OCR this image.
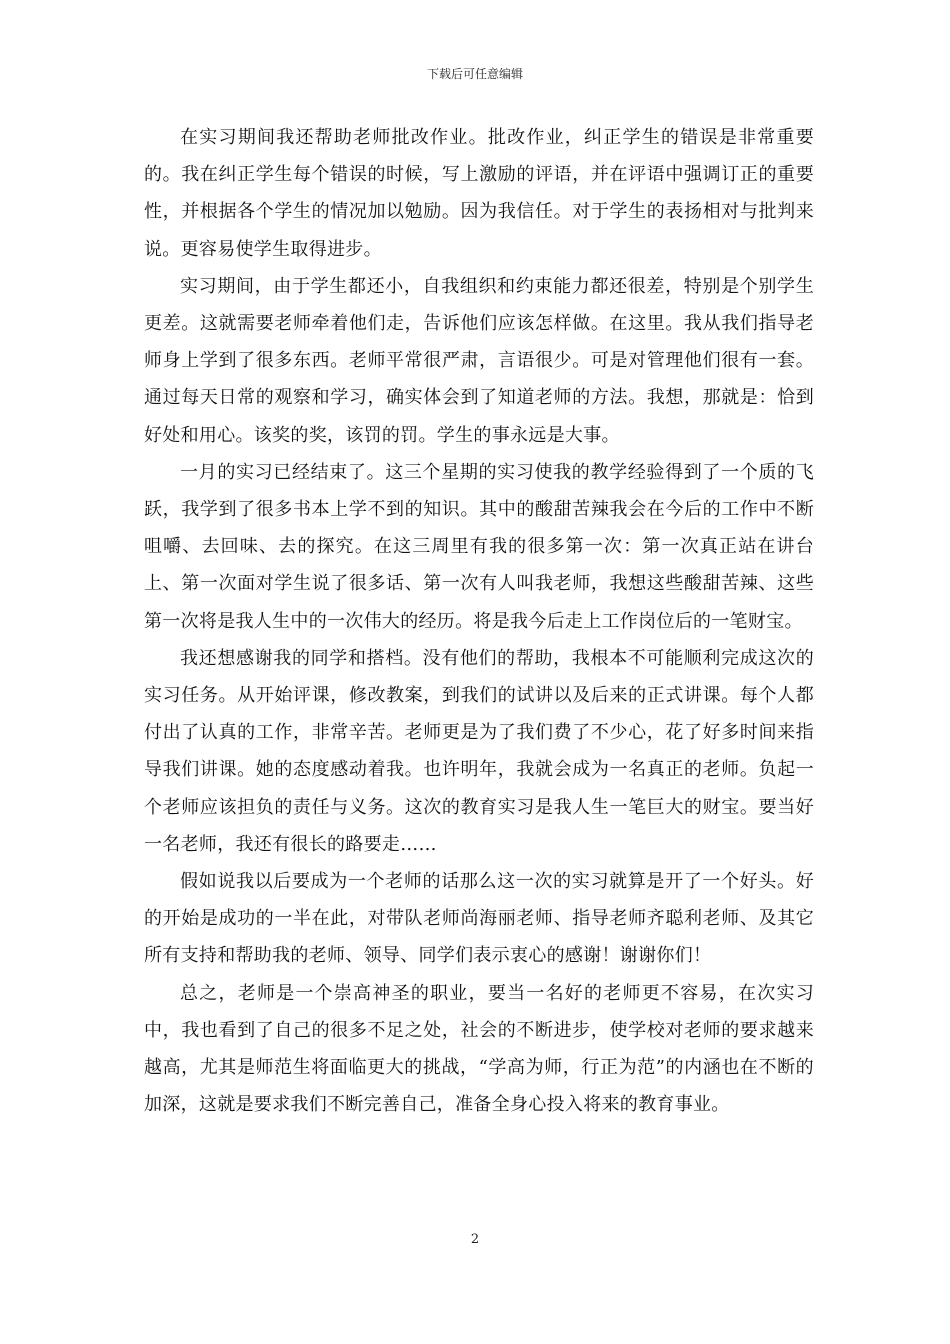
下载后可任意编辑

在实习期间我还帮助老师批改作业。批改作业，纠正学生的错误是非常重要的。我在纠正学生每个错误的时候，写上激励的评语，并在评语中强调订正的重要性，并根据各个学生的情况加以勉励。因为我信任。对于学生的表扬相对与批判来说。更容易使学生取得进步。

实习期间，由于学生都还小，自我组织和约束能力都还很差，特别是个别学生更差。这就需要老师牵着他们走，告诉他们应该怎样做。在这里。我从我们指导老师身上学到了很多东西。老师平常很严肃，言语很少。可是对管理他们很有一套。通过每天日常的观察和学习，确实体会到了知道老师的方法。我想，那就是：恰到好处和用心。该奖的奖，该罚的罚。学生的事永远是大事。

一月的实习已经结束了。这三个星期的实习使我的教学经验得到了一个质的飞跃，我学到了很多书本上学不到的知识。其中的酸甜苦辣我会在今后的工作中不断咀嚼、去回味、去的探究。在这三周里有我的很多第一次：第一次真正站在讲台上、第一次面对学生说了很多话、第一次有人叫我老师，我想这些酸甜苦辣、这些第一次将是我人生中的一次伟大的经历。将是我今后走上工作岗位后的一笔财宝。

我还想感谢我的同学和搭档。没有他们的帮助，我根本不可能顺利完成这次的实习任务。从开始评课，修改教案，到我们的试讲以及后来的正式讲课。每个人都付出了认真的工作，非常辛苦。老师更是为了我们费了不少心，花了好多时间来指导我们讲课。她的态度感动着我。也许明年，我就会成为一名真正的老师。负起一个老师应该担负的责任与义务。这次的教育实习是我人生一笔巨大的财宝。要当好一名老师，我还有很长的路要走……

假如说我以后要成为一个老师的话那么这一次的实习就算是开了一个好头。好的开始是成功的一半在此，对带队老师尚海丽老师、指导老师齐聪利老师、及其它所有支持和帮助我的老师、领导、同学们表示衷心的感谢！谢谢你们！

总之，老师是一个崇高神圣的职业，要当一名好的老师更不容易，在次实习中，我也看到了自己的很多不足之处，社会的不断进步，使学校对老师的要求越来越高，尤其是师范生将面临更大的挑战，“学高为师，行正为范”的内涵也在不断的加深，这就是要求我们不断完善自己，准备全身心投入将来的教育事业。

2
